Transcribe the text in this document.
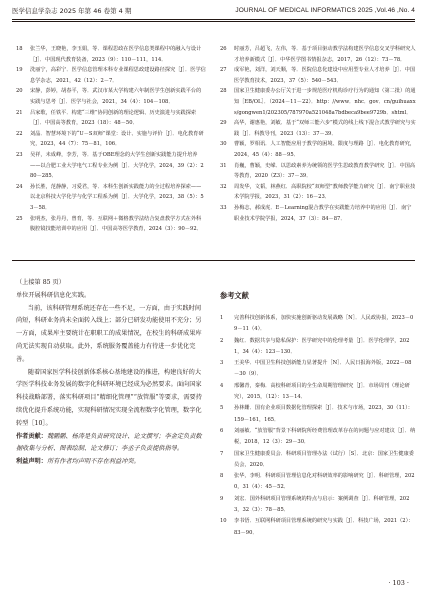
医学信息学杂志 2025 年第 46 卷第 4 期	JOURNAL OF MEDICAL INFORMATICS 2025 ,Vol.46 ,No. 4
18	张兰华，王晓艳，李玉娟，等．课程思政在医学信息类课程中的融入与设计［J］．中国现代教育装备，2023（9）：110－111，114．
19	洗丽宁，高彩宁．医学信息管理本科专业课程思政建设路径探究［J］．医学信息学杂志，2021，42（12）：2－7．
20	宋静，彭婷，胡春平，等．武汉市某大学构建六年制医学生创新实践平台的实践与思考［J］．医学与社会，2021，34（4）：104－108．
21	吕家歌，任铁平．构建“三维”协同创新的理论逻辑、历史演进与实践探索［J］．中国高等教育，2023（18）：48－50．
22	刘晶．智慧环境下的“U－S双师”课堂：设计、实施与评价［J］．电化教育研究，2023，44（7）：75－81，106．
23	吴祥，未成峰，李芳，等．基于OBE理念的大学生创新实践能力提升培养——以合肥工业大学电气工程专业为例［J］．大学化学，2024，39（2）：280－285．
24	孙长胜，范静静，习爱君，等．本科生创新实践能力的全过程培养探索——以北京科技大学化学与化学工程系为例［J］．大学化学，2023，38（5）：53－58．
25	张明杰，张丹丹，曾育，等．互联网＋微格教学法结合复盘教学方式在外科腹腔镜技能培训中的应用［J］．中国高等医学教育，2024（3）：90－92．
26	时丽芳，吕超飞，左伟，等．基于项目驱动教学法构建医学信息交叉学科研究人才培养新模式［J］．中华医学图书情报杂志，2017，26（12）：73－78．
27	成军艳，刘洋，刘天顺，等．医院信息化建设中应用型专业人才培养［J］．中国医学教育技术，2023，37（5）：540－543．
28	国家卫生健康委办公厅关于进一步规范医疗机构诊疗行为的通知（第二批）的通知［EB/OL］．（2024－11－22）．http：//www．nhc．gov．cn/guihuaxxs/gongwen1/202305/787970a521048a7bdbeca9bee9729b．shtml．
29	高华，谢惠艳，刘敏．基于“双师三能六步”模式的线上线下混合式教学研究与实践［J］．科教导刊，2023（13）：37－39．
30	曹颖，罗相讯．人工智能应用于教学的困境、限度与理路［J］．电化教育研究，2024，45（4）：88－95．
31	肖巍，曹颖，史嵘．以思政素养为统领的医学生思政教育教学研究［J］．中国高等教育，2020（Z3）：37－39．
32	周发华，文韬，林燕红．高职院校“双师型”教师教学能力研究［J］．南宁职业技术学院学报，2023，31（2）：16－23．
33	孙梅志，郝成虎．E－Learning混合教学在实践能力培养中的应用［J］．南宁职业技术学院学报，2024，37（3）：84－87．

（上接第 85 页）

单位开展科研信息化实践。

当前，该科研管理系统还存在一些不足，一方面，由于实践时间尚短，科研业务尚未全面转入线上；部分已研发功能使用不充分；另一方面，成果库主要统计在职职工的成果情况，在校生的科研成果库尚无法实现自动获取。此外，系统服务覆盖能力有待进一步优化完善。

随着国家医学科技创新体系核心基地建设的推进，构建良好的大学医学科技业务发展的数字化科研环境已经成为必然要求。面向国家科技战略部署，落实科研项目“精细化管理”“放管服”等要求，需要持续优化提升系统功能，实现科研情况实现全流程数字化管理，数字化转型［10］。

作者贡献：魏鹏鹏、杨涛是负责研究设计、论文撰写；李金定负责数据收集与分析、图表绘制、论文修订；李丞子负责提供指导。
利益声明：所有作者均声明不存在利益冲突。
参考文献
1	完善科技创新体系，加快实施创新驱动发展战略［N］．人民政协报，2023－09－11（4）．
2	魏红．数据共享与隐私保护：医学研究中的伦理考量［J］．医学伦理学，2021，34（4）：123－130．
3	王美华．中国卫生科技创新能力显著提升［N］．人民日报海外版，2022－08－30（9）．
4	邢馨青，秦梅．高校科研项目的全生命周期管理研究［J］．市场周刊（理论研究），2015，（12）：13－14．
5	孙林姗．国有企业项目数据化管理探索［J］．技术与市场，2023，30（11）：159－161，165．
6	刘丽敏．“放管服”背景下科研院所经费管理改革存在的问题与应对建议［J］．纳税，2018，12（3）：29－30．
7	国家卫生健康委员会．科研项目管理办法（试行）［S］．北京：国家卫生健康委员会，2020．
8	张华，李明．科研项目管理信息化对科研效率的影响研究［J］．科研管理，2020，31（4）：45－52．
9	刘宏．国外科研项目管理系统的特点与启示：案例调查［J］．科研管理，2023，32（3）：78－85．
10	李书悟．互联网科研项目管理系统的研究与实践［J］．科技广场，2021（2）：83－90．
· 103 ·
